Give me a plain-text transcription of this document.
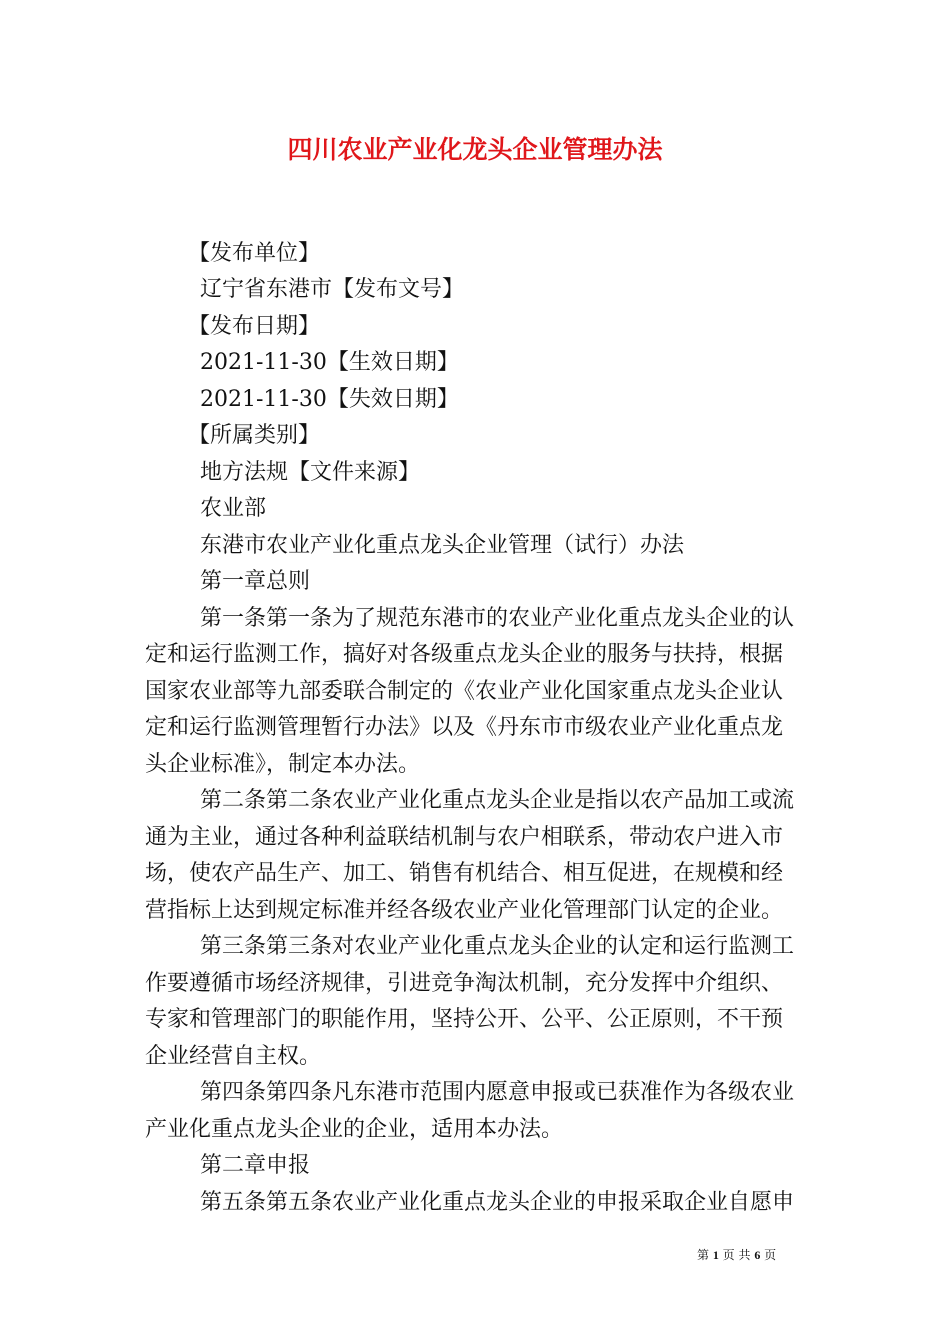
四川农业产业化龙头企业管理办法

【发布单位】

辽宁省东港市【发布文号】

【发布日期】

2021-11-30【生效日期】

2021-11-30【失效日期】

【所属类别】

地方法规【文件来源】

农业部

东港市农业产业化重点龙头企业管理（试行）办法

第一章总则

第一条第一条为了规范东港市的农业产业化重点龙头企业的认

定和运行监测工作，搞好对各级重点龙头企业的服务与扶持，根据

国家农业部等九部委联合制定的《农业产业化国家重点龙头企业认

定和运行监测管理暂行办法》以及《丹东市市级农业产业化重点龙

头企业标准》，制定本办法。

第二条第二条农业产业化重点龙头企业是指以农产品加工或流

通为主业，通过各种利益联结机制与农户相联系，带动农户进入市

场，使农产品生产、加工、销售有机结合、相互促进，在规模和经

营指标上达到规定标准并经各级农业产业化管理部门认定的企业。

第三条第三条对农业产业化重点龙头企业的认定和运行监测工

作要遵循市场经济规律，引进竞争淘汰机制，充分发挥中介组织、

专家和管理部门的职能作用，坚持公开、公平、公正原则，不干预

企业经营自主权。

第四条第四条凡东港市范围内愿意申报或已获准作为各级农业

产业化重点龙头企业的企业，适用本办法。

第二章申报

第五条第五条农业产业化重点龙头企业的申报采取企业自愿申

第 1 页 共 6 页
